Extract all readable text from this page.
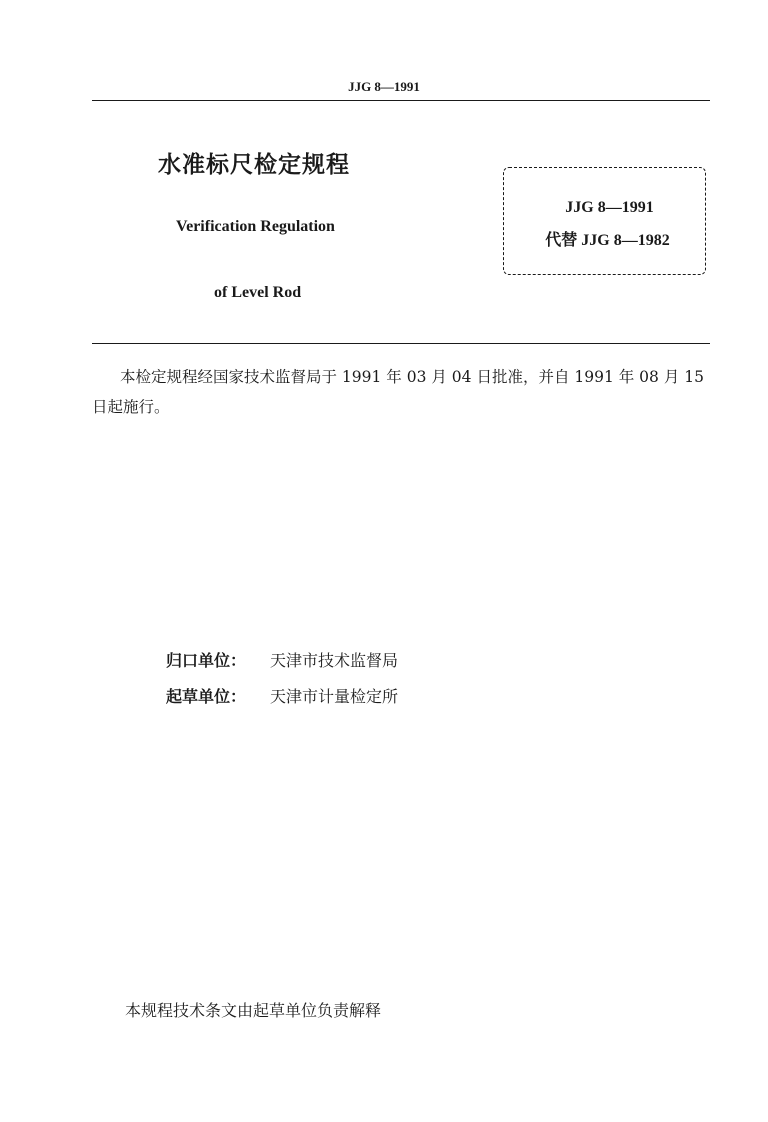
JJG 8—1991
水准标尺检定规程
Verification Regulation
of Level Rod
JJG 8—1991
代替 JJG 8—1982
本检定规程经国家技术监督局于 1991 年 03 月 04 日批准，并自 1991 年 08 月 15 日起施行。
归口单位： 天津市技术监督局
起草单位： 天津市计量检定所
本规程技术条文由起草单位负责解释
